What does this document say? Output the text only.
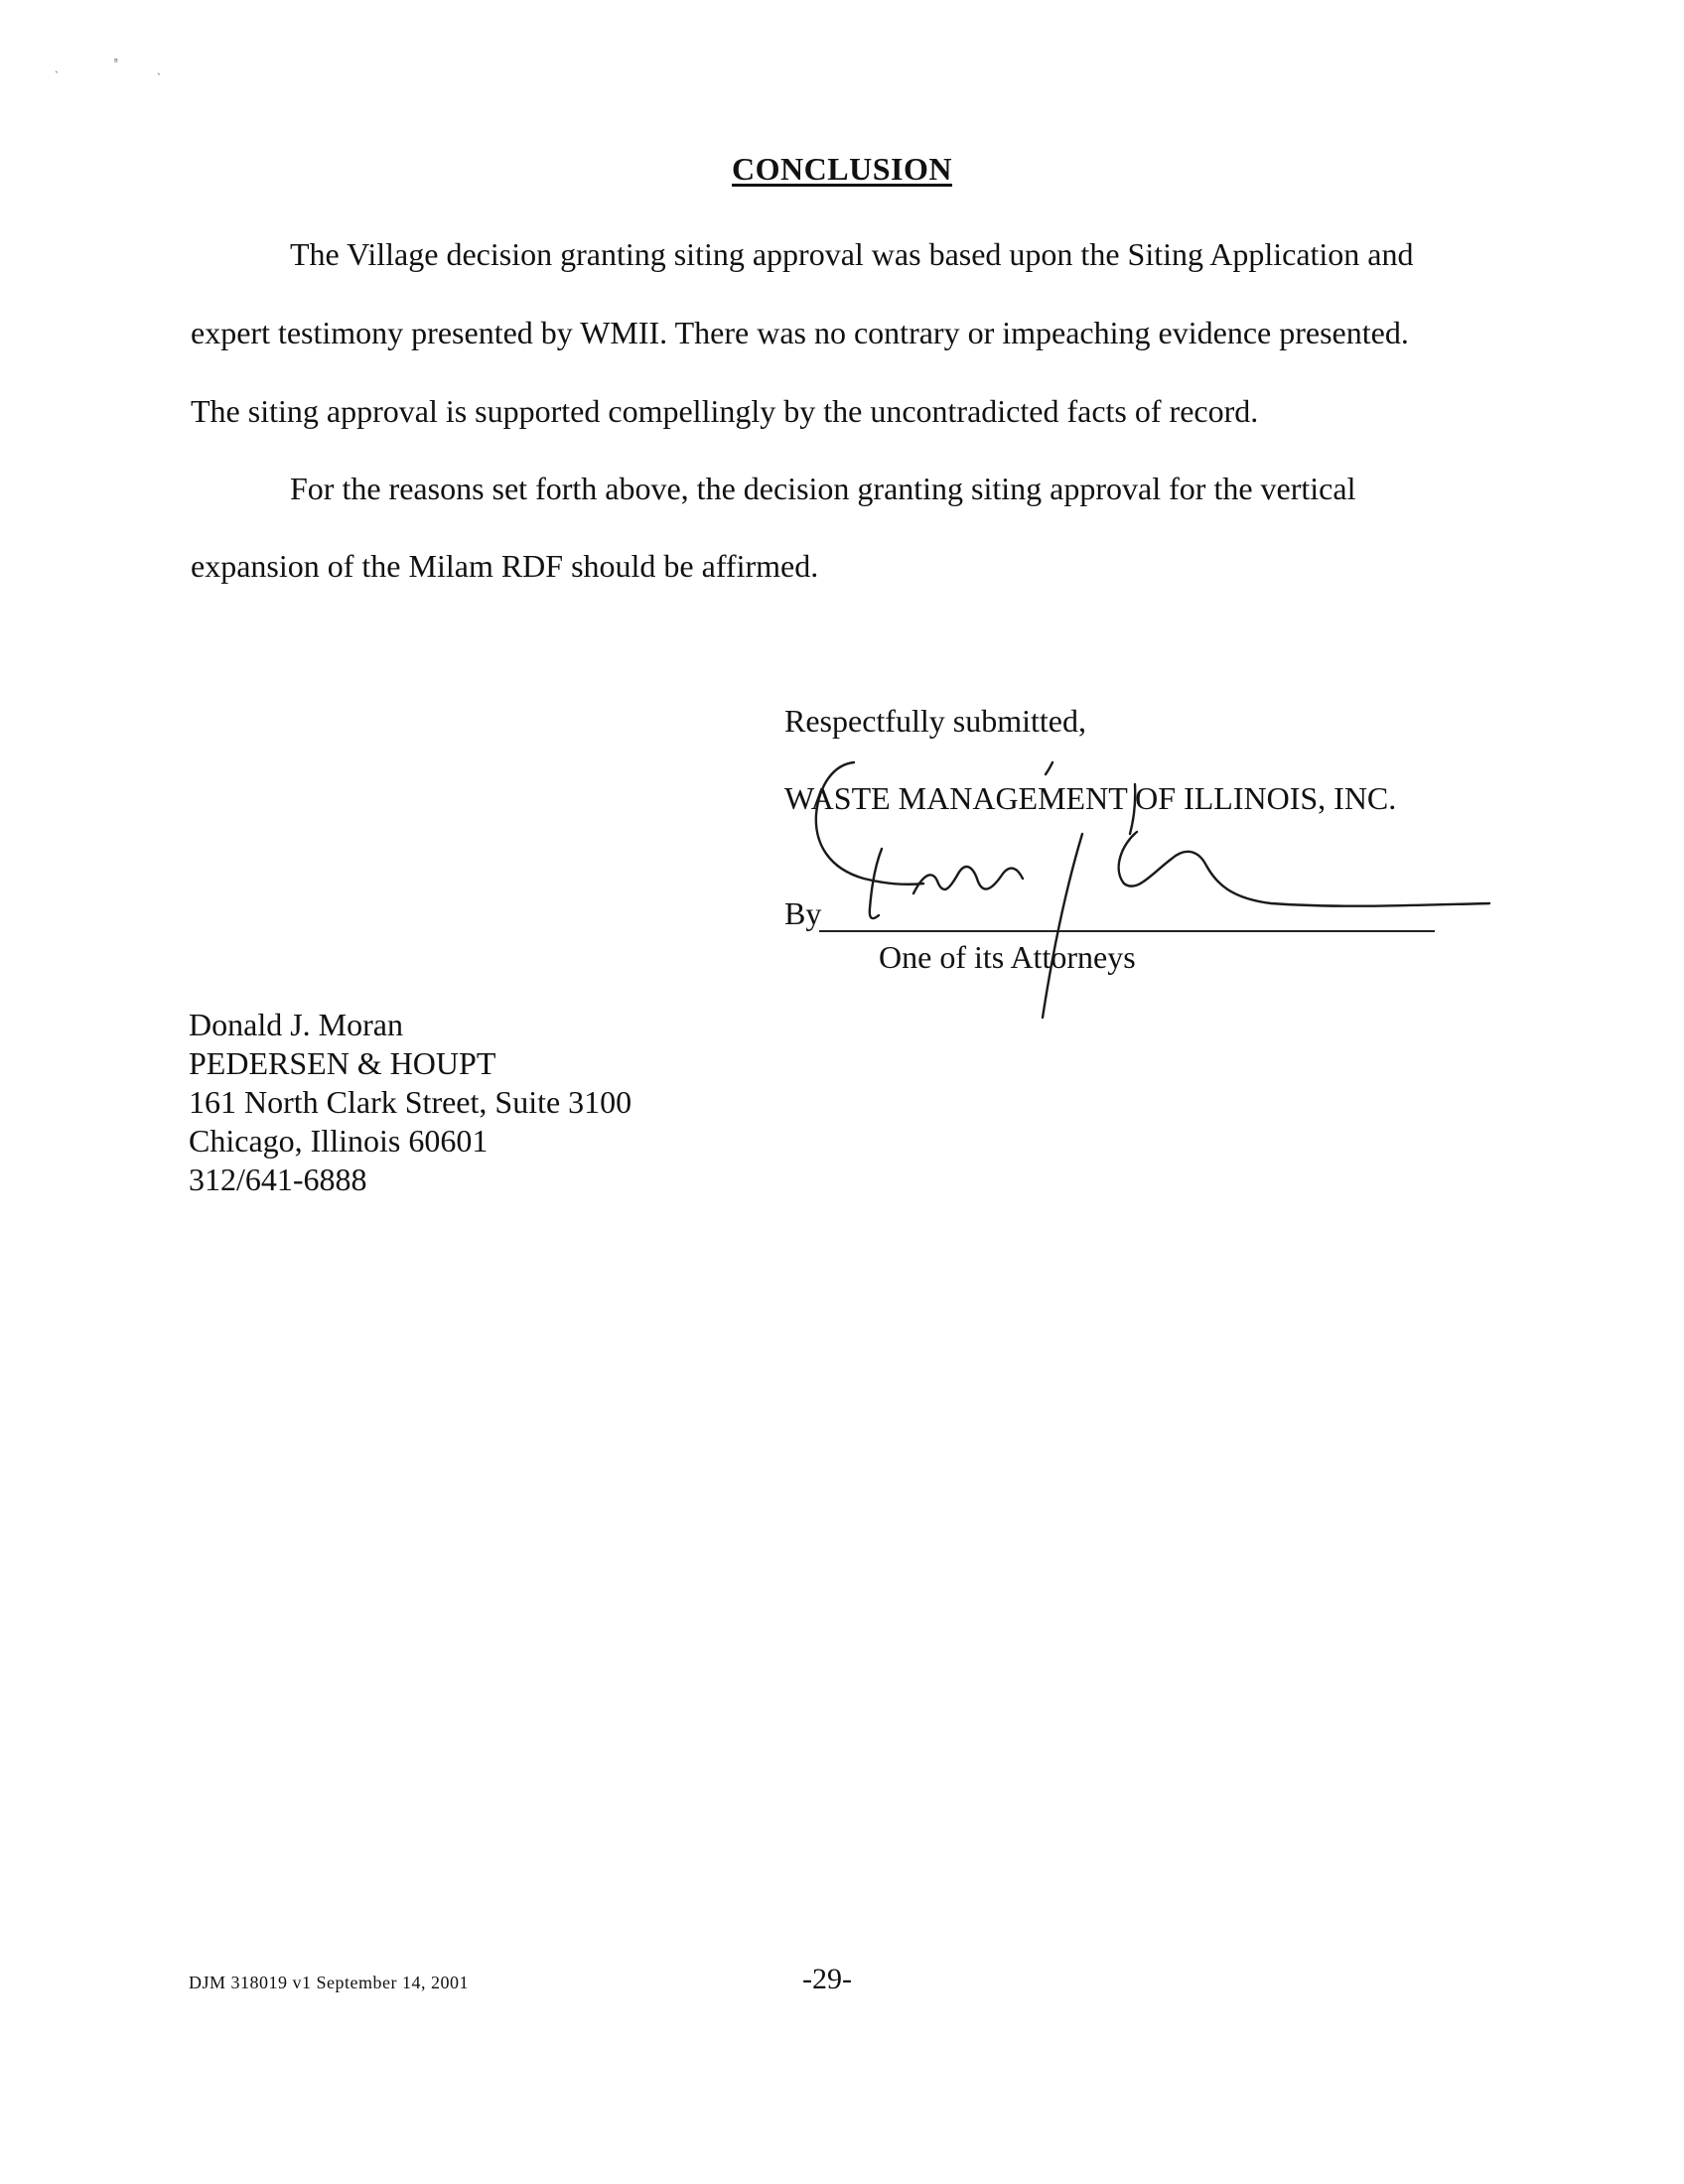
ˏ	ⁿ	ˎ
CONCLUSION
The Village decision granting siting approval was based upon the Siting Application and
expert testimony presented by WMII. There was no contrary or impeaching evidence presented.
The siting approval is supported compellingly by the uncontradicted facts of record.
For the reasons set forth above, the decision granting siting approval for the vertical
expansion of the Milam RDF should be affirmed.
Respectfully submitted,
WASTE MANAGEMENT OF ILLINOIS, INC.
By
One of its Attorneys
Donald J. Moran
PEDERSEN & HOUPT
161 North Clark Street, Suite 3100
Chicago, Illinois 60601
312/641-6888
DJM 318019 v1 September 14, 2001	-29-
